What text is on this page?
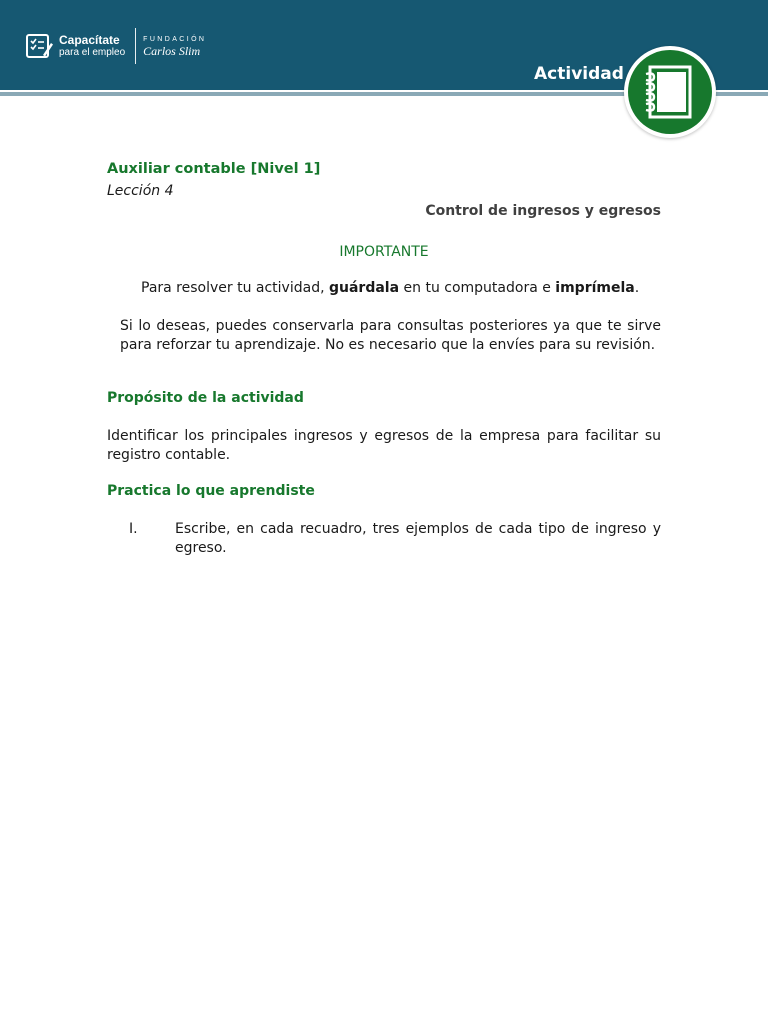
Capacítate
para el empleo
FUNDACIÓN
Carlos Slim
Actividad
Auxiliar contable [Nivel 1]
Lección 4
Control de ingresos y egresos
IMPORTANTE
Para resolver tu actividad, guárdala en tu computadora e imprímela.
Si lo deseas, puedes conservarla para consultas posteriores ya que te sirve para reforzar tu aprendizaje. No es necesario que la envíes para su revisión.
Propósito de la actividad
Identificar los principales ingresos y egresos de la empresa para facilitar su registro contable.
Practica lo que aprendiste
I.	Escribe, en cada recuadro, tres ejemplos de cada tipo de ingreso y egreso.
